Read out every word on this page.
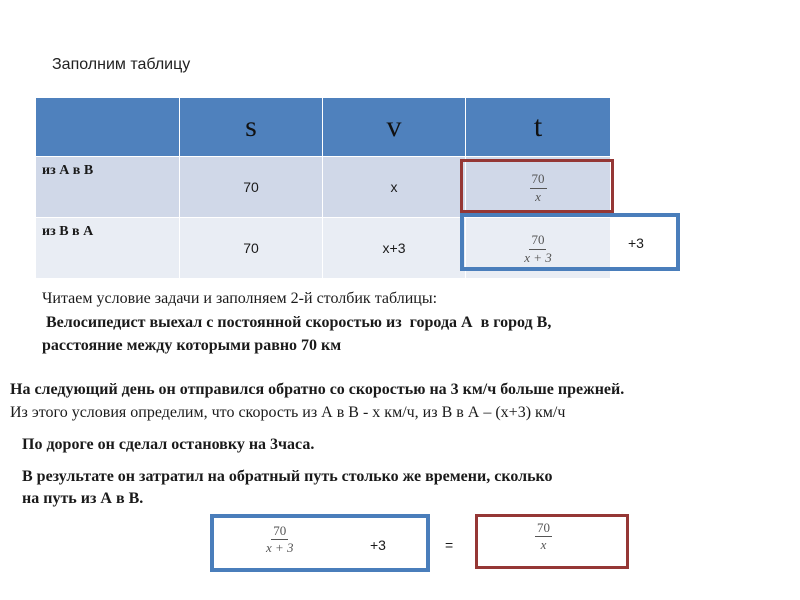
Заполним таблицу
	s	v	t
из А в В	70	x	$\frac{70}{x}$

из В в А	70	x+3	$\frac{70}{x + 3}$	+3
Читаем условие задачи и заполняем 2-й столбик таблицы:
Велосипедист выехал с постоянной скоростью из  города А  в город В,
расстояние между которыми равно 70 км
На следующий день он отправился обратно со скоростью на 3 км/ч больше прежней.
Из этого условия определим, что скорость из А в В - х км/ч, из В в А – (х+3) км/ч
По дороге он сделал остановку на 3часа.
В результате он затратил на обратный путь столько же времени, сколько
на путь из А в В.
$\frac{70}{x + 3}$	+3	=	$\frac{70}{x}$
